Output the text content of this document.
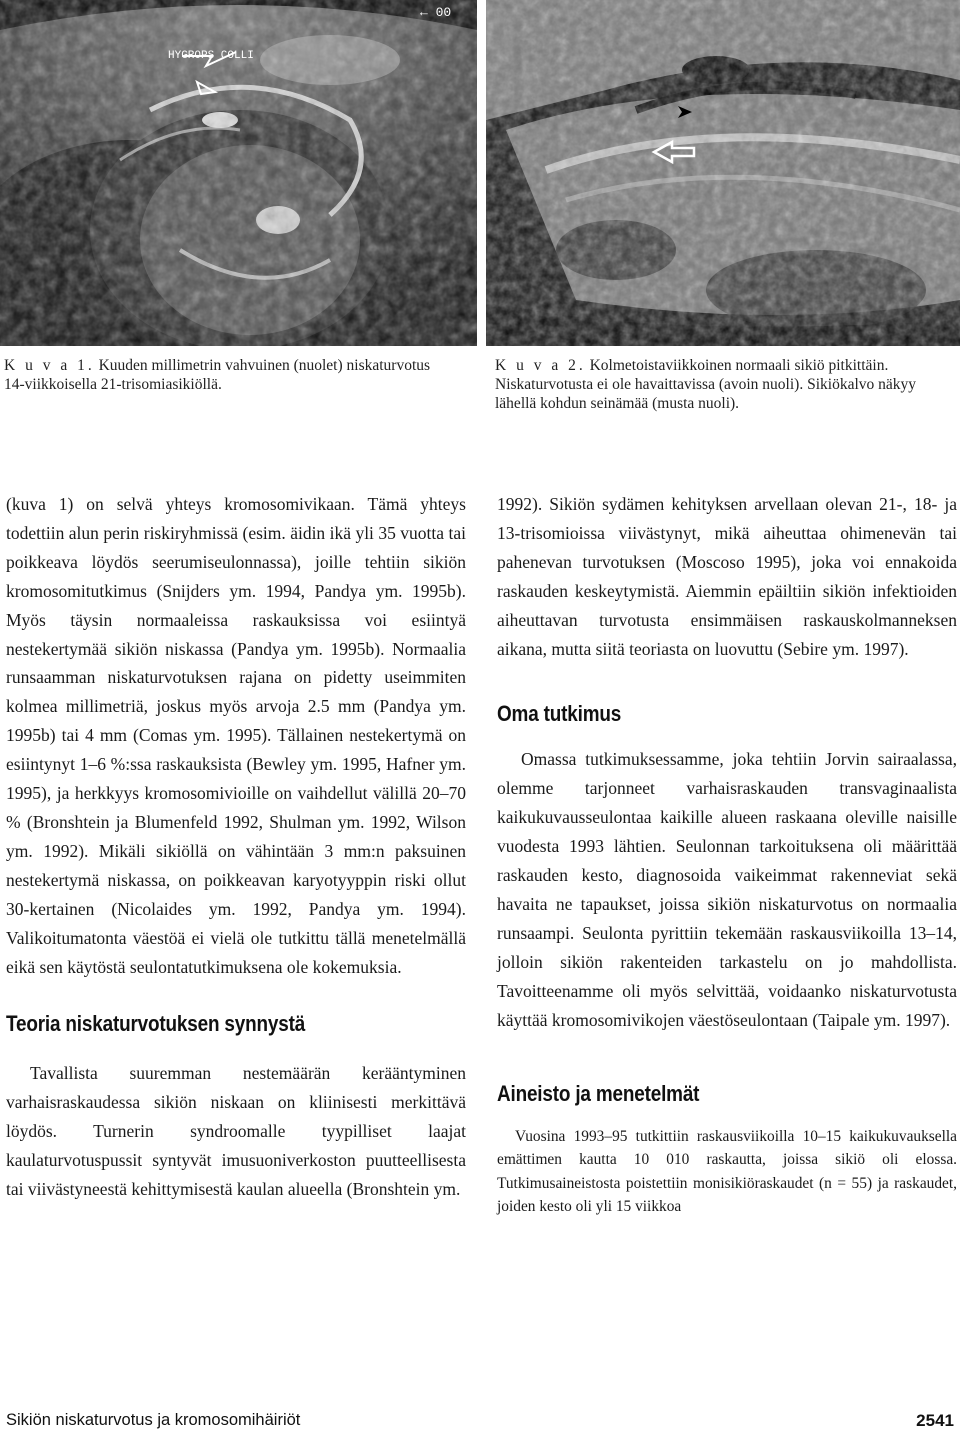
HYGROPS COLLI
← 00
K u v a 1. Kuuden millimetrin vahvuinen (nuolet) niskaturvotus 14-viikkoisella 21-trisomiasikiöllä.
K u v a 2. Kolmetoistaviikkoinen normaali sikiö pitkittäin. Niskaturvotusta ei ole havaittavissa (avoin nuoli). Sikiökalvo näkyy lähellä kohdun seinämää (musta nuoli).

(kuva 1) on selvä yhteys kromosomivikaan. Tämä yhteys todettiin alun perin riskiryhmissä (esim. äidin ikä yli 35 vuotta tai poikkeava löydös seerumiseulonnassa), joille tehtiin sikiön kromosomitutkimus (Snijders ym. 1994, Pandya ym. 1995b). Myös täysin normaaleissa raskauksissa voi esiintyä nestekertymää sikiön niskassa (Pandya ym. 1995b). Normaalia runsaamman niskaturvotuksen rajana on pidetty useimmiten kolmea millimetriä, joskus myös arvoja 2.5 mm (Pandya ym. 1995b) tai 4 mm (Comas ym. 1995). Tällainen nestekertymä on esiintynyt 1–6 %:ssa raskauksista (Bewley ym. 1995, Hafner ym. 1995), ja herkkyys kromosomivioille on vaihdellut välillä 20–70 % (Bronshtein ja Blumenfeld 1992, Shulman ym. 1992, Wilson ym. 1992). Mikäli sikiöllä on vähintään 3 mm:n paksuinen nestekertymä niskassa, on poikkeavan karyotyyppin riski ollut 30-kertainen (Nicolaides ym. 1992, Pandya ym. 1994). Valikoitumatonta väestöä ei vielä ole tutkittu tällä menetelmällä eikä sen käytöstä seulontatutkimuksena ole kokemuksia.

Teoria niskaturvotuksen synnystä

Tavallista suuremman nestemäärän kerääntyminen varhaisraskaudessa sikiön niskaan on kliinisesti merkittävä löydös. Turnerin syndroomalle tyypilliset laajat kaulaturvotuspussit syntyvät imusuoniverkoston puutteellisesta tai viivästyneestä kehittymisestä kaulan alueella (Bronshtein ym.

1992). Sikiön sydämen kehityksen arvellaan olevan 21-, 18- ja 13-trisomioissa viivästynyt, mikä aiheuttaa ohimenevän tai pahenevan turvotuksen (Moscoso 1995), joka voi ennakoida raskauden keskeytymistä. Aiemmin epäiltiin sikiön infektioiden aiheuttavan turvotusta ensimmäisen raskauskolmanneksen aikana, mutta siitä teoriasta on luovuttu (Sebire ym. 1997).

Oma tutkimus

Omassa tutkimuksessamme, joka tehtiin Jorvin sairaalassa, olemme tarjonneet varhaisraskauden transvaginaalista kaikukuvausseulontaa kaikille alueen raskaana oleville naisille vuodesta 1993 lähtien. Seulonnan tarkoituksena oli määrittää raskauden kesto, diagnosoida vaikeimmat rakenneviat sekä havaita ne tapaukset, joissa sikiön niskaturvotus on normaalia runsaampi. Seulonta pyrittiin tekemään raskausviikoilla 13–14, jolloin sikiön rakenteiden tarkastelu on jo mahdollista. Tavoitteenamme oli myös selvittää, voidaanko niskaturvotusta käyttää kromosomivikojen väestöseulontaan (Taipale ym. 1997).

Aineisto ja menetelmät

Vuosina 1993–95 tutkittiin raskausviikoilla 10–15 kaikukuvauksella emättimen kautta 10 010 raskautta, joissa sikiö oli elossa. Tutkimusaineistosta poistettiin monisikiöraskaudet (n = 55) ja raskaudet, joiden kesto oli yli 15 viikkoa

Sikiön niskaturvotus ja kromosomihäiriöt	2541
